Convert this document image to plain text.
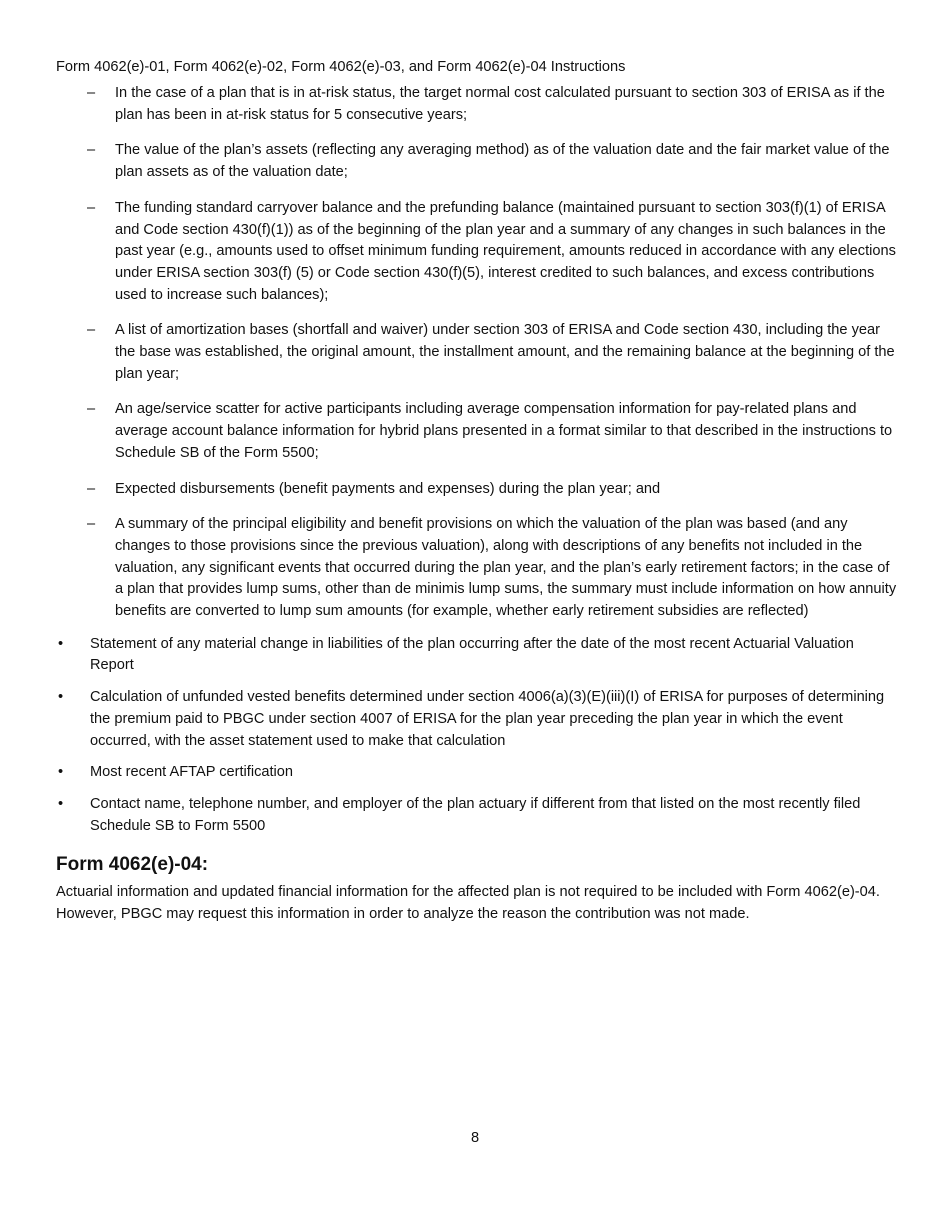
Form 4062(e)-01, Form 4062(e)-02, Form 4062(e)-03, and Form 4062(e)-04 Instructions
– In the case of a plan that is in at-risk status, the target normal cost calculated pursuant to section 303 of ERISA as if the plan has been in at-risk status for 5 consecutive years;
– The value of the plan’s assets (reflecting any averaging method) as of the valuation date and the fair market value of the plan assets as of the valuation date;
– The funding standard carryover balance and the prefunding balance (maintained pursuant to section 303(f)(1) of ERISA and Code section 430(f)(1)) as of the beginning of the plan year and a summary of any changes in such balances in the past year (e.g., amounts used to offset minimum funding requirement, amounts reduced in accordance with any elections under ERISA section 303(f) (5) or Code section 430(f)(5), interest credited to such balances, and excess contributions used to increase such balances);
– A list of amortization bases (shortfall and waiver) under section 303 of ERISA and Code section 430, including the year the base was established, the original amount, the installment amount, and the remaining balance at the beginning of the plan year;
– An age/service scatter for active participants including average compensation information for pay-related plans and average account balance information for hybrid plans presented in a format similar to that described in the instructions to Schedule SB of the Form 5500;
– Expected disbursements (benefit payments and expenses) during the plan year; and
– A summary of the principal eligibility and benefit provisions on which the valuation of the plan was based (and any changes to those provisions since the previous valuation), along with descriptions of any benefits not included in the valuation, any significant events that occurred during the plan year, and the plan’s early retirement factors; in the case of a plan that provides lump sums, other than de minimis lump sums, the summary must include information on how annuity benefits are converted to lump sum amounts (for example, whether early retirement subsidies are reflected)
• Statement of any material change in liabilities of the plan occurring after the date of the most recent Actuarial Valuation Report
• Calculation of unfunded vested benefits determined under section 4006(a)(3)(E)(iii)(I) of ERISA for purposes of determining the premium paid to PBGC under section 4007 of ERISA for the plan year preceding the plan year in which the event occurred, with the asset statement used to make that calculation
• Most recent AFTAP certification
• Contact name, telephone number, and employer of the plan actuary if different from that listed on the most recently filed Schedule SB to Form 5500
Form 4062(e)-04:

Actuarial information and updated financial information for the affected plan is not required to be included with Form 4062(e)-04. However, PBGC may request this information in order to analyze the reason the contribution was not made.

8
